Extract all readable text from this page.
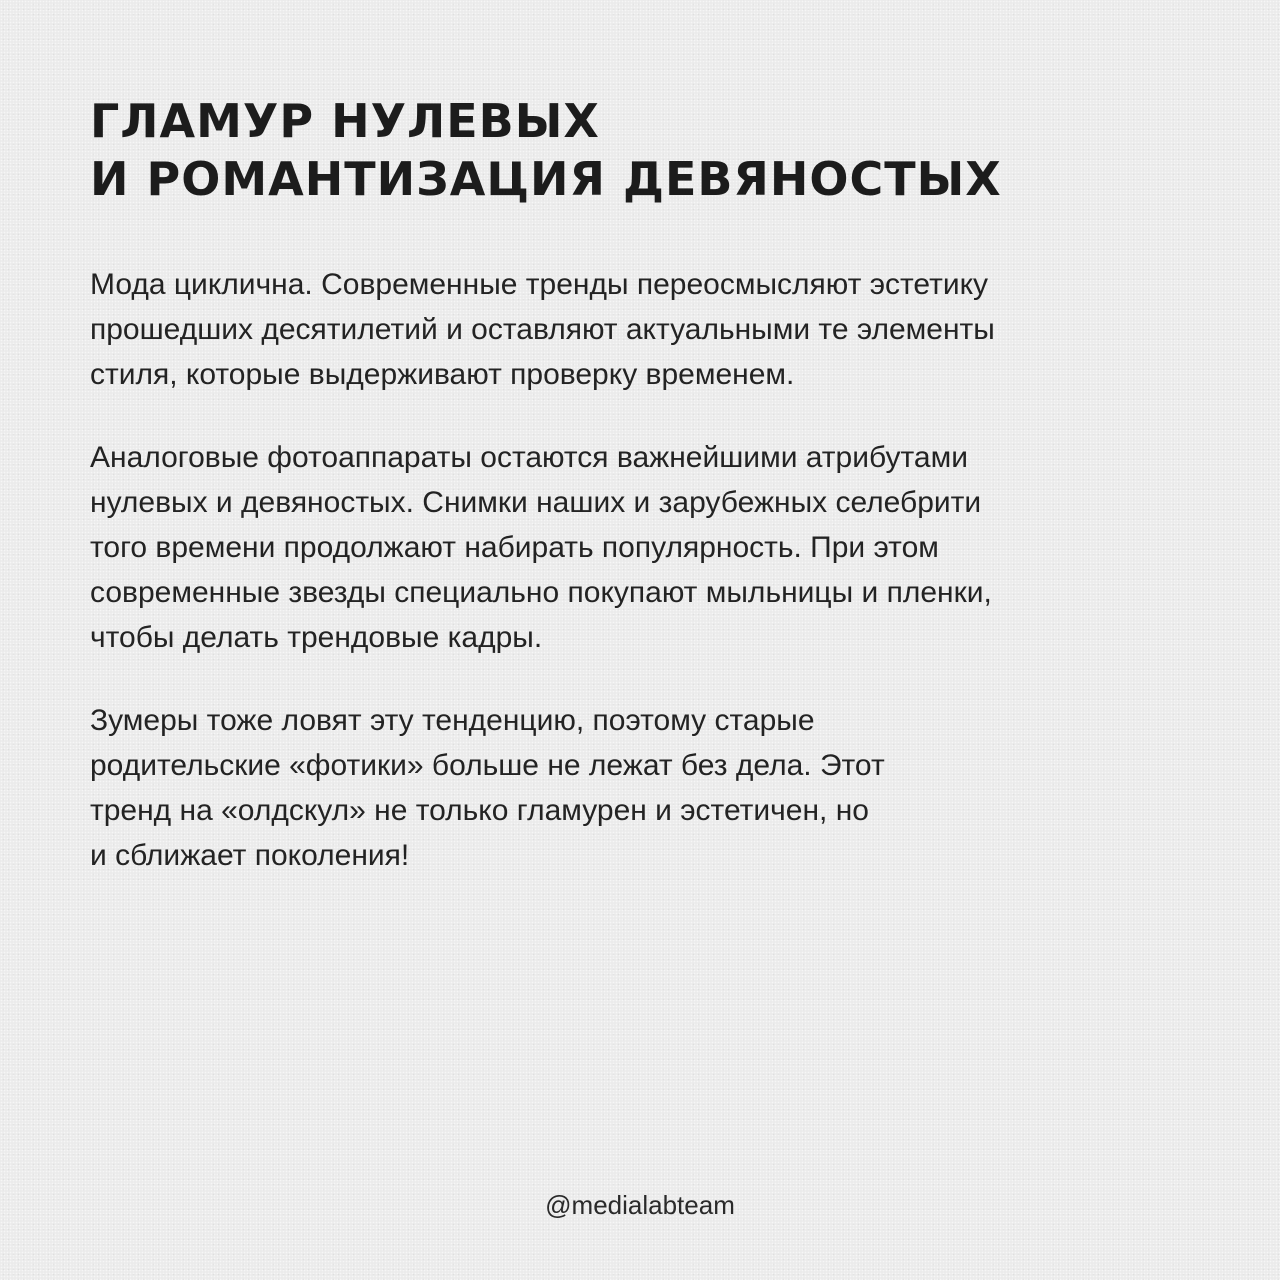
ГЛАМУР НУЛЕВЫХ
И РОМАНТИЗАЦИЯ ДЕВЯНОСТЫХ

Мода циклична. Современные тренды переосмысляют эстетику
прошедших десятилетий и оставляют актуальными те элементы
стиля, которые выдерживают проверку временем.

Аналоговые фотоаппараты остаются важнейшими атрибутами
нулевых и девяностых. Снимки наших и зарубежных селебрити
того времени продолжают набирать популярность. При этом
современные звезды специально покупают мыльницы и пленки,
чтобы делать трендовые кадры.

Зумеры тоже ловят эту тенденцию, поэтому старые
родительские «фотики» больше не лежат без дела. Этот
тренд на «олдскул» не только гламурен и эстетичен, но
и сближает поколения!

@medialabteam
